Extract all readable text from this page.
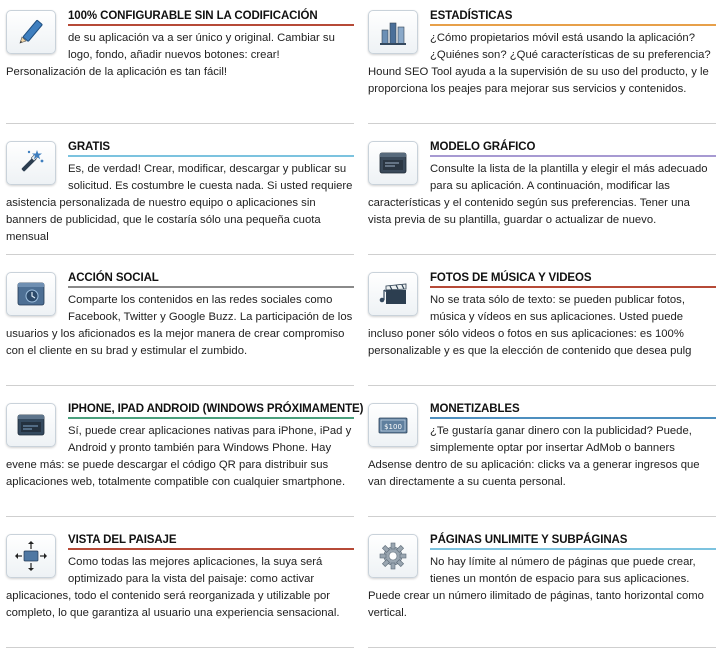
100% CONFIGURABLE SIN LA CODIFICACIÓN

de su aplicación va a ser único y original. Cambiar su logo, fondo, añadir nuevos botones: crear! Personalización de la aplicación es tan fácil!

ESTADÍSTICAS

¿Cómo propietarios móvil está usando la aplicación? ¿Quiénes son? ¿Qué características de su preferencia? Hound SEO Tool ayuda a la supervisión de su uso del producto, y le proporciona los peajes para mejorar sus servicios y contenidos.

GRATIS

Es, de verdad! Crear, modificar, descargar y publicar su solicitud. Es costumbre le cuesta nada. Si usted requiere asistencia personalizada de nuestro equipo o aplicaciones sin banners de publicidad, que le costaría sólo una pequeña cuota mensual

MODELO GRÁFICO

Consulte la lista de la plantilla y elegir el más adecuado para su aplicación. A continuación, modificar las características y el contenido según sus preferencias. Tener una vista previa de su plantilla, guardar o actualizar de nuevo.

ACCIÓN SOCIAL

Comparte los contenidos en las redes sociales como Facebook, Twitter y Google Buzz. La participación de los usuarios y los aficionados es la mejor manera de crear compromiso con el cliente en su brad y estimular el zumbido.

FOTOS DE MÚSICA Y VIDEOS

No se trata sólo de texto: se pueden publicar fotos, música y vídeos en sus aplicaciones. Usted puede incluso poner sólo videos o fotos en sus aplicaciones: es 100% personalizable y es que la elección de contenido que desea pulg

IPHONE, IPAD ANDROID (WINDOWS PRÓXIMAMENTE)

Sí, puede crear aplicaciones nativas para iPhone, iPad y Android y pronto también para Windows Phone. Hay evene más: se puede descargar el código QR para distribuir sus aplicaciones web, totalmente compatible con cualquier smartphone.

$100
MONETIZABLES

¿Te gustaría ganar dinero con la publicidad? Puede, simplemente optar por insertar AdMob o banners Adsense dentro de su aplicación: clicks va a generar ingresos que van directamente a su cuenta personal.

VISTA DEL PAISAJE

Como todas las mejores aplicaciones, la suya será optimizado para la vista del paisaje: como activar aplicaciones, todo el contenido será reorganizada y utilizable por completo, lo que garantiza al usuario una experiencia sensacional.

PÁGINAS UNLIMITE Y SUBPÁGINAS

No hay límite al número de páginas que puede crear, tienes un montón de espacio para sus aplicaciones. Puede crear un número ilimitado de páginas, tanto horizontal como vertical.
